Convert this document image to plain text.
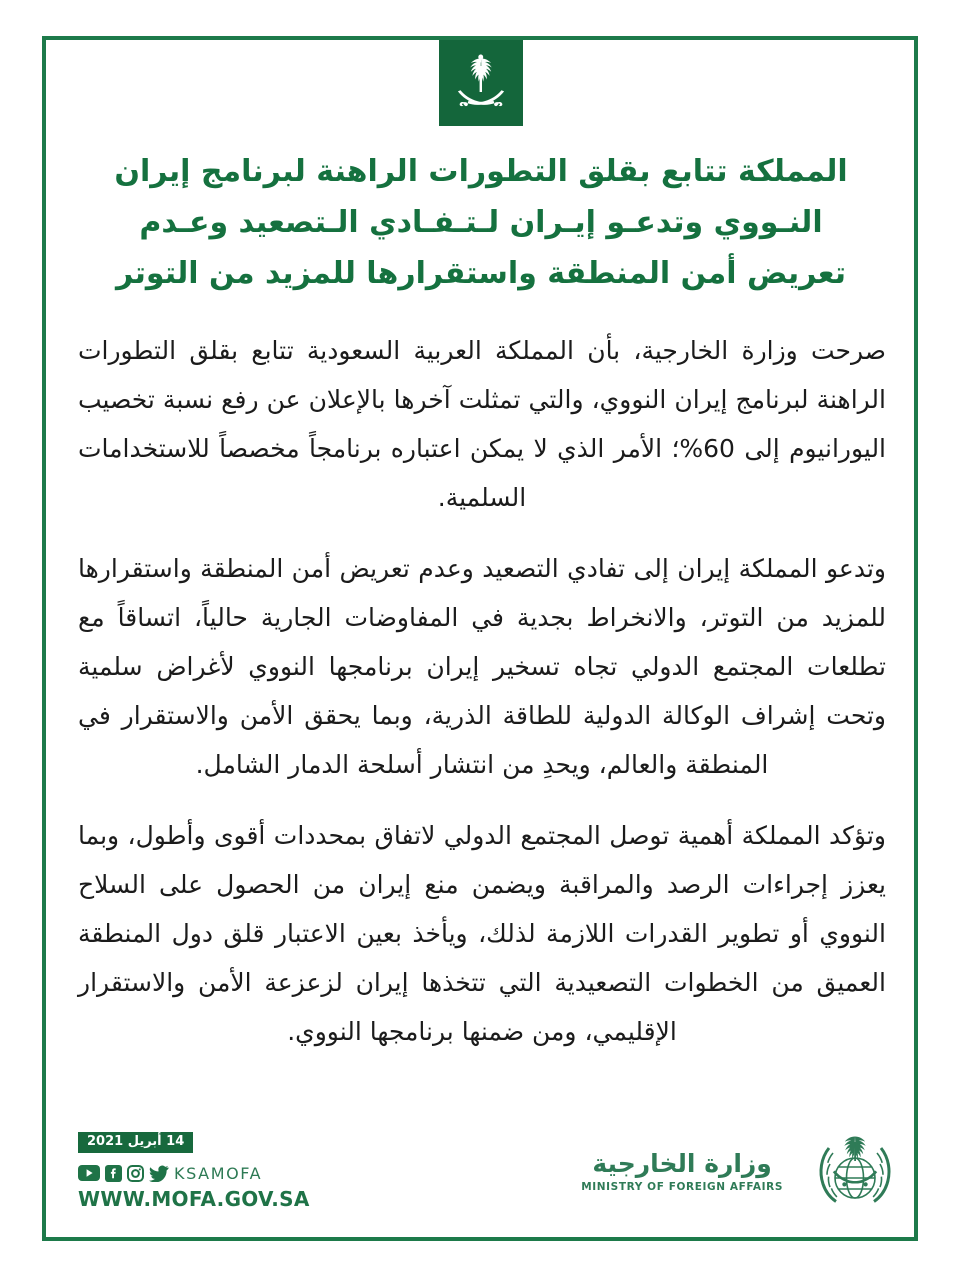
المملكة تتابع بقلق التطورات الراهنة لبرنامج إيران
النـووي وتدعـو إيـران لـتـفـادي الـتصعيد وعـدم
تعريض أمن المنطقة واستقرارها للمزيد من التوتر

صرحت وزارة الخارجية، بأن المملكة العربية السعودية تتابع بقلق التطورات الراهنة لبرنامج إيران النووي، والتي تمثلت آخرها بالإعلان عن رفع نسبة تخصيب اليورانيوم إلى 60%؛ الأمر الذي لا يمكن اعتباره برنامجاً مخصصاً للاستخدامات السلمية.

وتدعو المملكة إيران إلى تفادي التصعيد وعدم تعريض أمن المنطقة واستقرارها للمزيد من التوتر، والانخراط بجدية في المفاوضات الجارية حالياً، اتساقاً مع تطلعات المجتمع الدولي تجاه تسخير إيران برنامجها النووي لأغراض سلمية وتحت إشراف الوكالة الدولية للطاقة الذرية، وبما يحقق الأمن والاستقرار في المنطقة والعالم، ويحدِ من انتشار أسلحة الدمار الشامل.

وتؤكد المملكة أهمية توصل المجتمع الدولي لاتفاق بمحددات أقوى وأطول، وبما يعزز إجراءات الرصد والمراقبة ويضمن منع إيران من الحصول على السلاح النووي أو تطوير القدرات اللازمة لذلك، ويأخذ بعين الاعتبار قلق دول المنطقة العميق من الخطوات التصعيدية التي تتخذها إيران لزعزعة الأمن والاستقرار الإقليمي، ومن ضمنها برنامجها النووي.

14 أبريل 2021
KSAMOFA
WWW.MOFA.GOV.SA
وزارة الخارجية
MINISTRY OF FOREIGN AFFAIRS
